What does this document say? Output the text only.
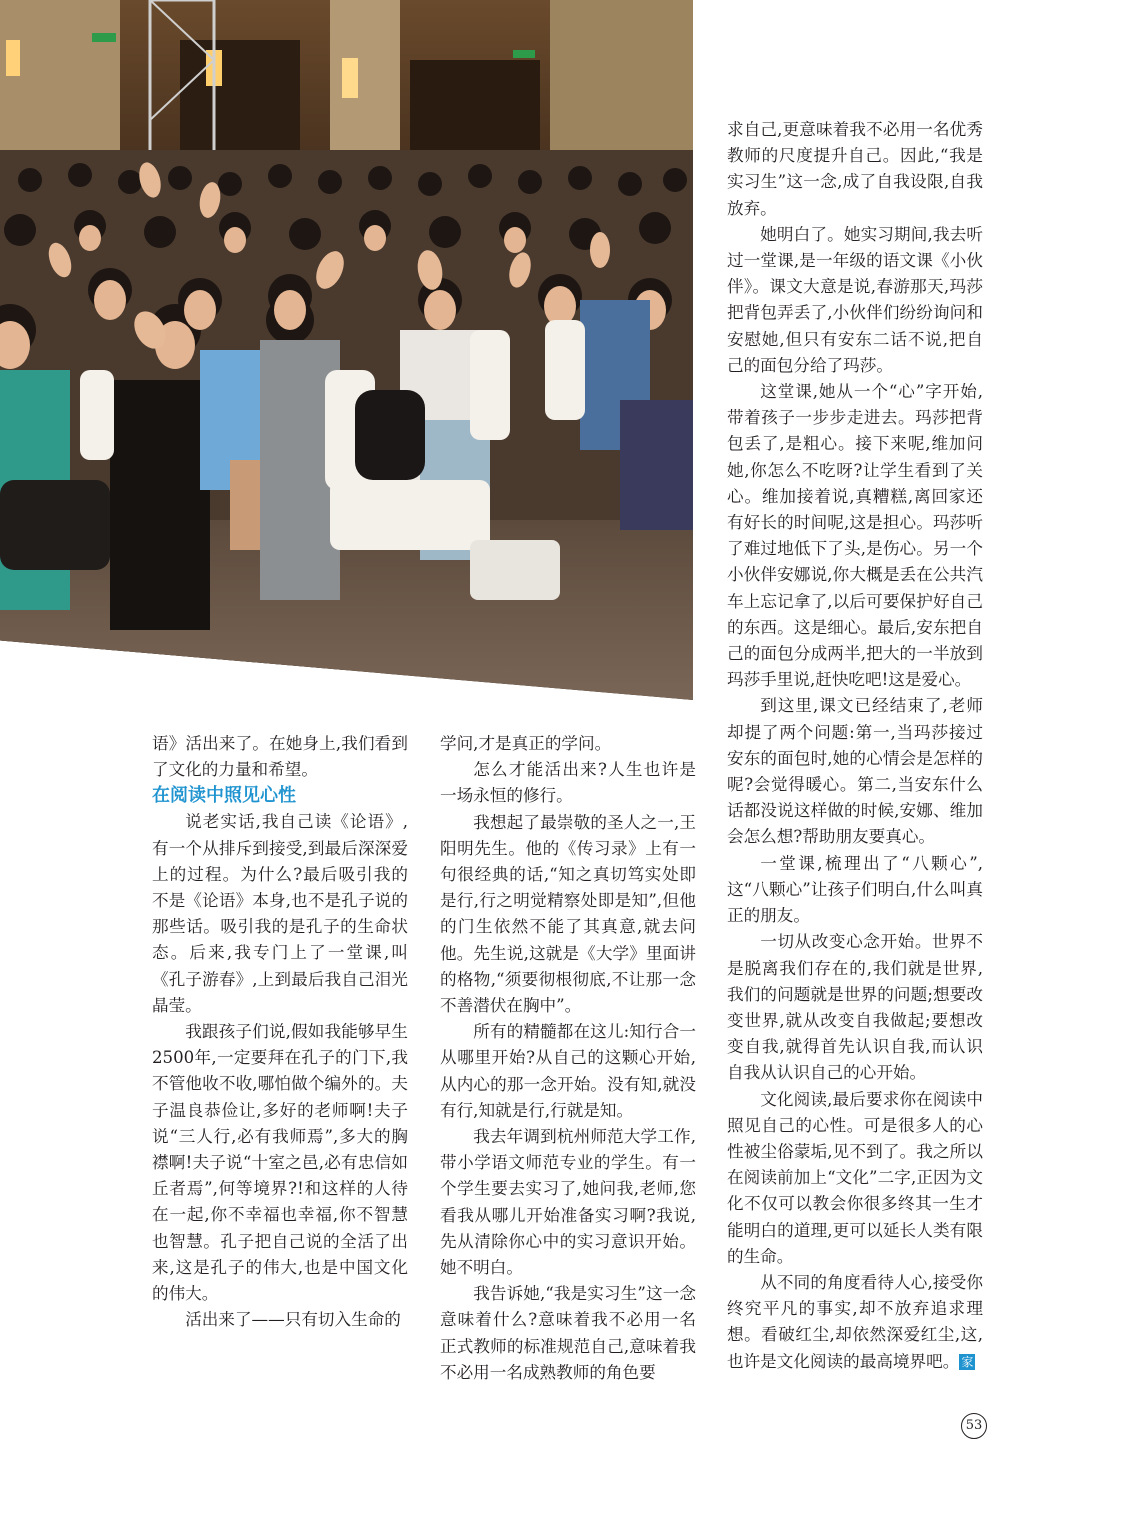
语》活出来了。在她身上,我们看到了文化的力量和希望。

在阅读中照见心性

说老实话,我自己读《论语》,有一个从排斥到接受,到最后深深爱上的过程。为什么?最后吸引我的不是《论语》本身,也不是孔子说的那些话。吸引我的是孔子的生命状态。后来,我专门上了一堂课,叫《孔子游春》,上到最后我自己泪光晶莹。

我跟孩子们说,假如我能够早生2500年,一定要拜在孔子的门下,我不管他收不收,哪怕做个编外的。夫子温良恭俭让,多好的老师啊!夫子说“三人行,必有我师焉”,多大的胸襟啊!夫子说“十室之邑,必有忠信如丘者焉”,何等境界?!和这样的人待在一起,你不幸福也幸福,你不智慧也智慧。孔子把自己说的全活了出来,这是孔子的伟大,也是中国文化的伟大。

活出来了——只有切入生命的

学问,才是真正的学问。

怎么才能活出来?人生也许是一场永恒的修行。

我想起了最崇敬的圣人之一,王阳明先生。他的《传习录》上有一句很经典的话,“知之真切笃实处即是行,行之明觉精察处即是知”,但他的门生依然不能了其真意,就去问他。先生说,这就是《大学》里面讲的格物,“须要彻根彻底,不让那一念不善潜伏在胸中”。

所有的精髓都在这儿:知行合一从哪里开始?从自己的这颗心开始,从内心的那一念开始。没有知,就没有行,知就是行,行就是知。

我去年调到杭州师范大学工作,带小学语文师范专业的学生。有一个学生要去实习了,她问我,老师,您看我从哪儿开始准备实习啊?我说,先从清除你心中的实习意识开始。她不明白。

我告诉她,“我是实习生”这一念意味着什么?意味着我不必用一名正式教师的标准规范自己,意味着我不必用一名成熟教师的角色要

求自己,更意味着我不必用一名优秀教师的尺度提升自己。因此,“我是实习生”这一念,成了自我设限,自我放弃。

她明白了。她实习期间,我去听过一堂课,是一年级的语文课《小伙伴》。课文大意是说,春游那天,玛莎把背包弄丢了,小伙伴们纷纷询问和安慰她,但只有安东二话不说,把自己的面包分给了玛莎。

这堂课,她从一个“心”字开始,带着孩子一步步走进去。玛莎把背包丢了,是粗心。接下来呢,维加问她,你怎么不吃呀?让学生看到了关心。维加接着说,真糟糕,离回家还有好长的时间呢,这是担心。玛莎听了难过地低下了头,是伤心。另一个小伙伴安娜说,你大概是丢在公共汽车上忘记拿了,以后可要保护好自己的东西。这是细心。最后,安东把自己的面包分成两半,把大的一半放到玛莎手里说,赶快吃吧!这是爱心。

到这里,课文已经结束了,老师却提了两个问题:第一,当玛莎接过安东的面包时,她的心情会是怎样的呢?会觉得暖心。第二,当安东什么话都没说这样做的时候,安娜、维加会怎么想?帮助朋友要真心。

一堂课,梳理出了“八颗心”,这“八颗心”让孩子们明白,什么叫真正的朋友。

一切从改变心念开始。世界不是脱离我们存在的,我们就是世界,我们的问题就是世界的问题;想要改变世界,就从改变自我做起;要想改变自我,就得首先认识自我,而认识自我从认识自己的心开始。

文化阅读,最后要求你在阅读中照见自己的心性。可是很多人的心性被尘俗蒙垢,见不到了。我之所以在阅读前加上“文化”二字,正因为文化不仅可以教会你很多终其一生才能明白的道理,更可以延长人类有限的生命。

从不同的角度看待人心,接受你终究平凡的事实,却不放弃追求理想。看破红尘,却依然深爱红尘,这,也许是文化阅读的最高境界吧。 家

53
